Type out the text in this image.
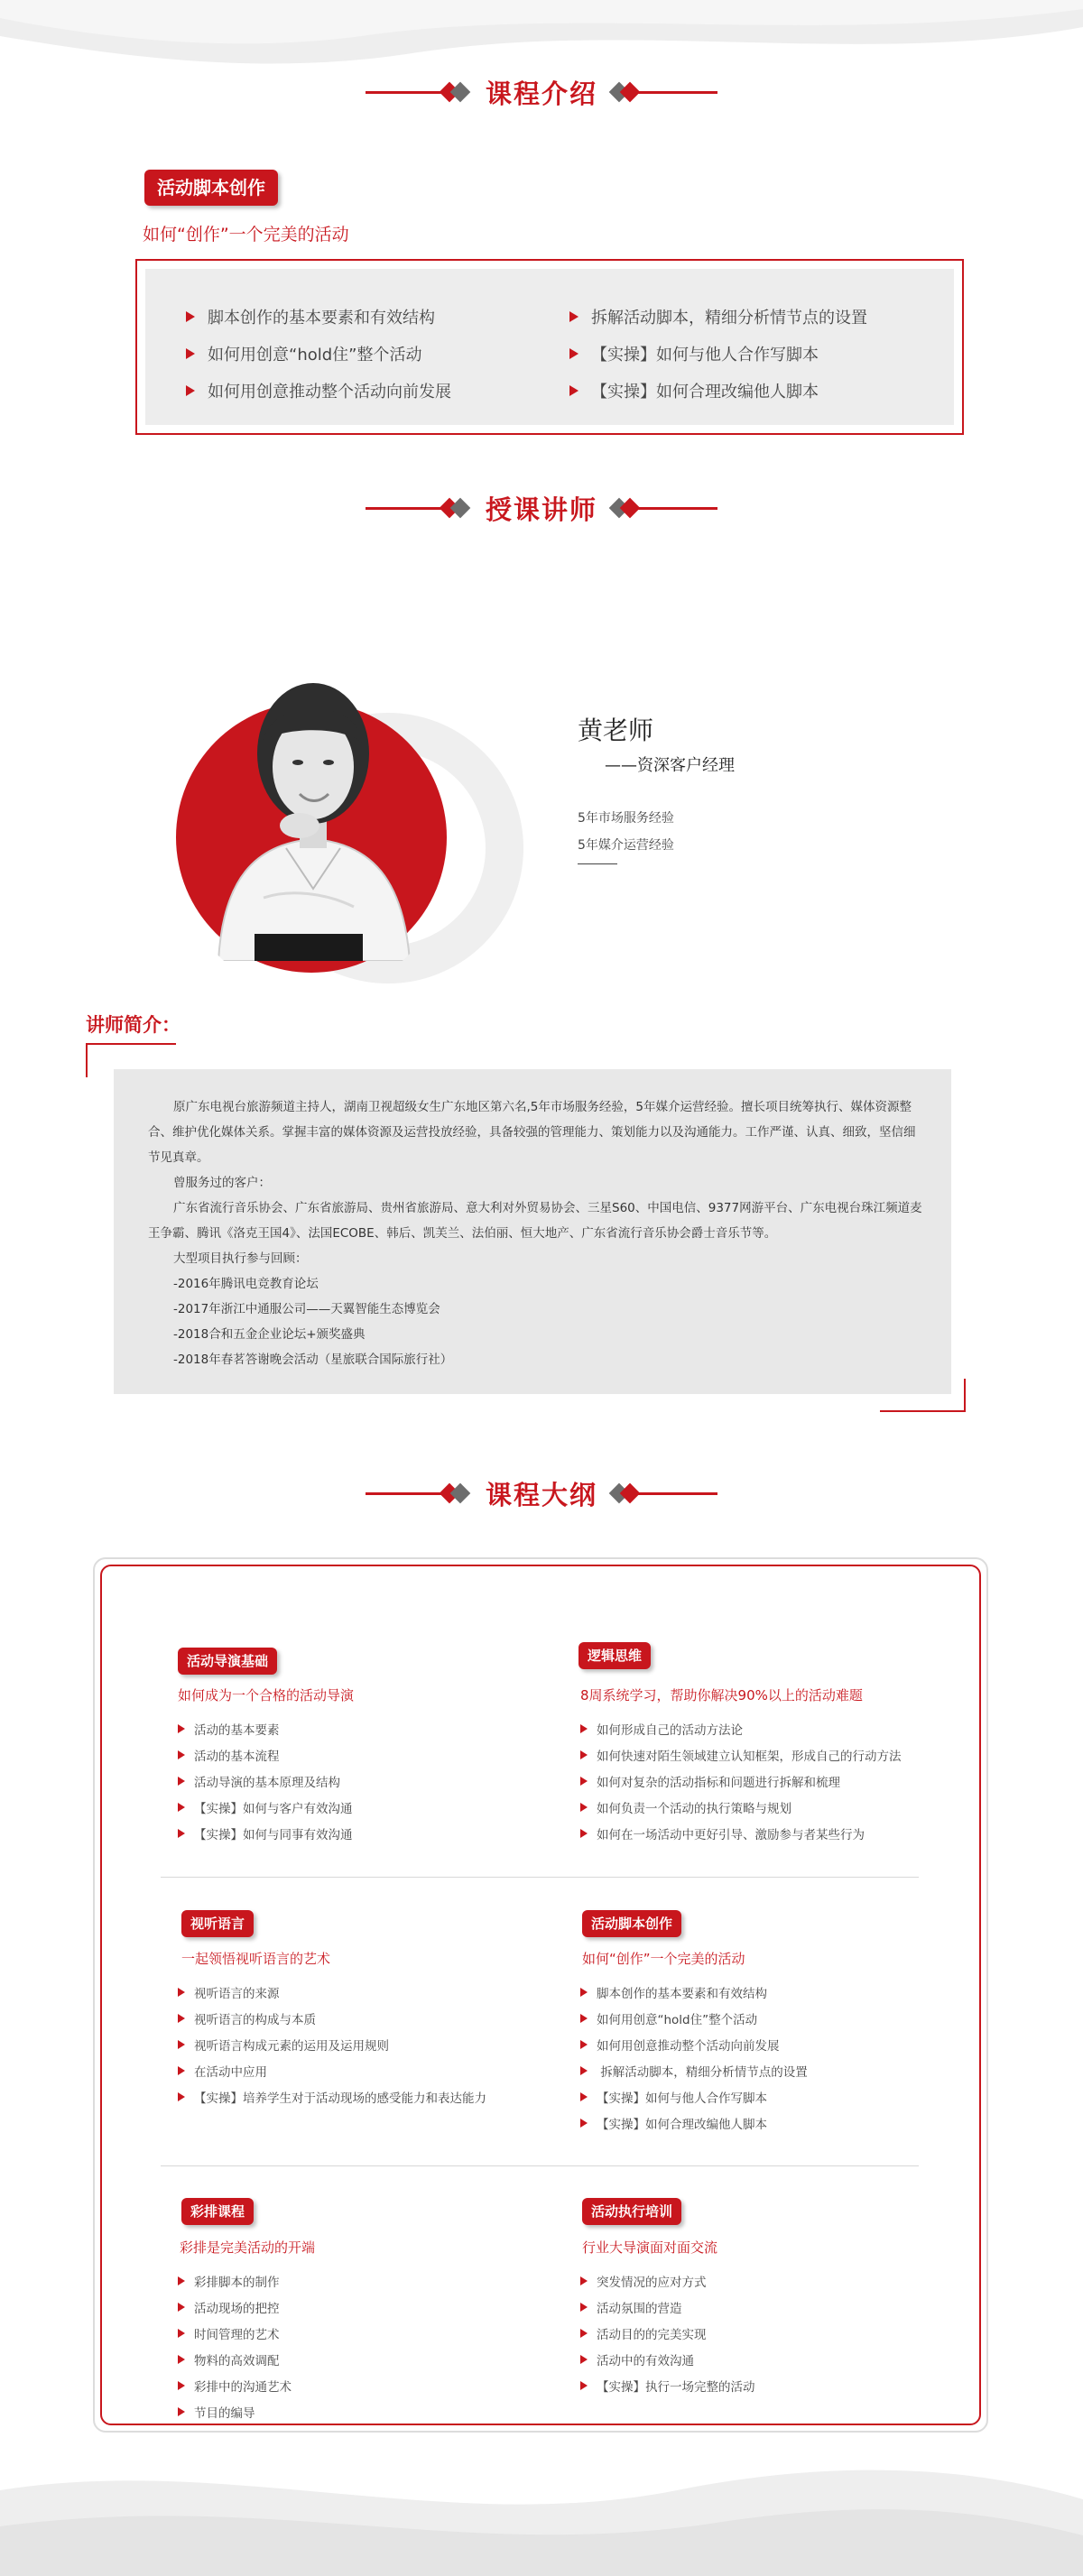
课程介绍
活动脚本创作
如何“创作”一个完美的活动
脚本创作的基本要素和有效结构
如何用创意“hold住”整个活动
如何用创意推动整个活动向前发展
拆解活动脚本，精细分析情节点的设置
【实操】如何与他人合作写脚本
【实操】如何合理改编他人脚本
授课讲师
黄老师
——资深客户经理
5年市场服务经验
5年媒介运营经验
讲师简介：

原广东电视台旅游频道主持人，湖南卫视超级女生广东地区第六名,5年市场服务经验，5年媒介运营经验。擅长项目统筹执行、媒体资源整合、维护优化媒体关系。掌握丰富的媒体资源及运营投放经验，具备较强的管理能力、策划能力以及沟通能力。工作严谨、认真、细致，坚信细节见真章。

曾服务过的客户：

广东省流行音乐协会、广东省旅游局、贵州省旅游局、意大利对外贸易协会、三星S60、中国电信、9377网游平台、广东电视台珠江频道麦王争霸、腾讯《洛克王国4》、法国ECOBE、韩后、凯芙兰、法伯丽、恒大地产、广东省流行音乐协会爵士音乐节等。

大型项目执行参与回顾：

-2016年腾讯电竞教育论坛

-2017年浙江中通服公司——天翼智能生态博览会

-2018合和五金企业论坛+颁奖盛典

-2018年春茗答谢晚会活动（星旅联合国际旅行社）

课程大纲
活动导演基础
如何成为一个合格的活动导演
活动的基本要素
活动的基本流程
活动导演的基本原理及结构
【实操】如何与客户有效沟通
【实操】如何与同事有效沟通
逻辑思维
8周系统学习，帮助你解决90%以上的活动难题
如何形成自己的活动方法论
如何快速对陌生领域建立认知框架，形成自己的行动方法
如何对复杂的活动指标和问题进行拆解和梳理
如何负责一个活动的执行策略与规划
如何在一场活动中更好引导、激励参与者某些行为
视听语言
一起领悟视听语言的艺术
视听语言的来源
视听语言的构成与本质
视听语言构成元素的运用及运用规则
在活动中应用
【实操】培养学生对于活动现场的感受能力和表达能力
活动脚本创作
如何“创作”一个完美的活动
脚本创作的基本要素和有效结构
如何用创意“hold住”整个活动
如何用创意推动整个活动向前发展
拆解活动脚本，精细分析情节点的设置
【实操】如何与他人合作写脚本
【实操】如何合理改编他人脚本
彩排课程
彩排是完美活动的开端
彩排脚本的制作
活动现场的把控
时间管理的艺术
物料的高效调配
彩排中的沟通艺术
节目的编导
活动执行培训
行业大导演面对面交流
突发情况的应对方式
活动氛围的营造
活动目的的完美实现
活动中的有效沟通
【实操】执行一场完整的活动
